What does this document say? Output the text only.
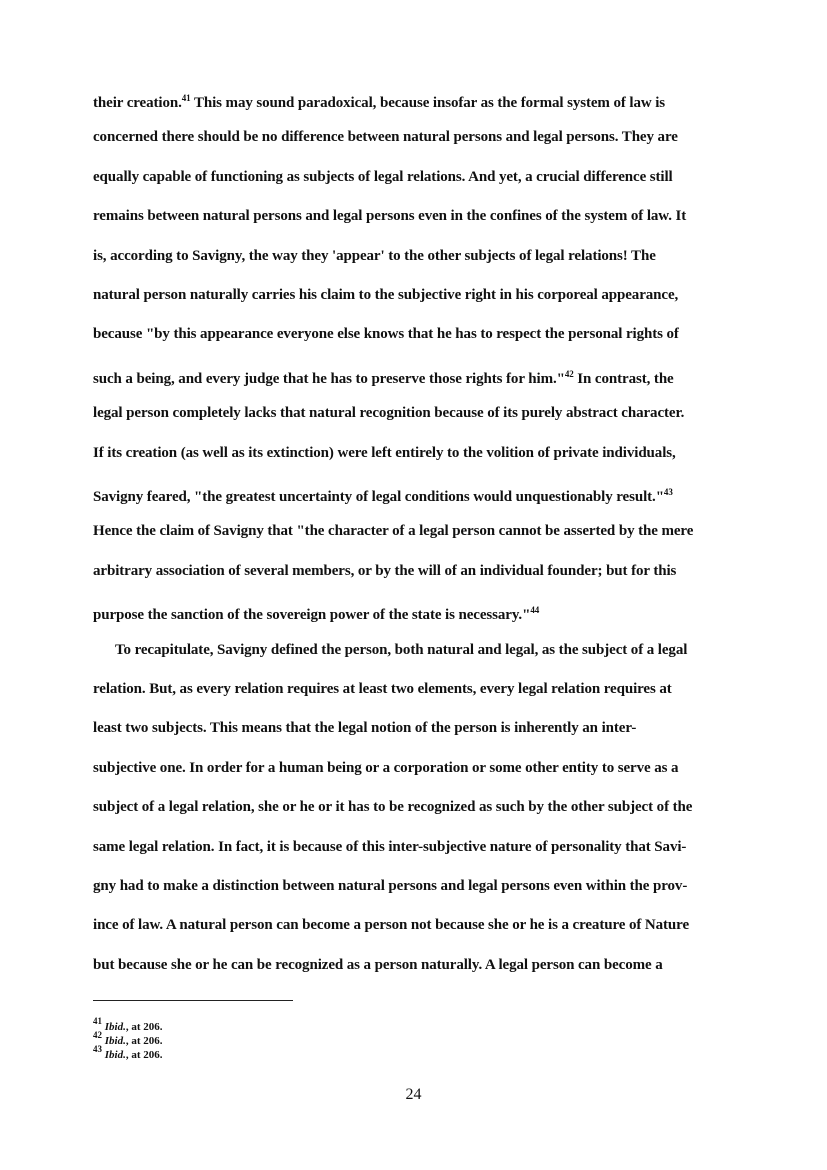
their creation.$^{41}$ This may sound paradoxical, because insofar as the formal system of law is
concerned there should be no difference between natural persons and legal persons. They are
equally capable of functioning as subjects of legal relations. And yet, a crucial difference still
remains between natural persons and legal persons even in the confines of the system of law. It
is, according to Savigny, the way they 'appear' to the other subjects of legal relations! The
natural person naturally carries his claim to the subjective right in his corporeal appearance,
because "by this appearance everyone else knows that he has to respect the personal rights of
such a being, and every judge that he has to preserve those rights for him."$^{42}$ In contrast, the
legal person completely lacks that natural recognition because of its purely abstract character.
If its creation (as well as its extinction) were left entirely to the volition of private individuals,
Savigny feared, "the greatest uncertainty of legal conditions would unquestionably result."$^{43}$
Hence the claim of Savigny that "the character of a legal person cannot be asserted by the mere
arbitrary association of several members, or by the will of an individual founder; but for this
purpose the sanction of the sovereign power of the state is necessary."$^{44}$
To recapitulate, Savigny defined the person, both natural and legal, as the subject of a legal
relation. But, as every relation requires at least two elements, every legal relation requires at
least two subjects. This means that the legal notion of the person is inherently an inter-
subjective one. In order for a human being or a corporation or some other entity to serve as a
subject of a legal relation, she or he or it has to be recognized as such by the other subject of the
same legal relation. In fact, it is because of this inter-subjective nature of personality that Savi-
gny had to make a distinction between natural persons and legal persons even within the prov-
ince of law. A natural person can become a person not because she or he is a creature of Nature
but because she or he can be recognized as a person naturally. A legal person can become a
$^{41}$ Ibid., at 206.
$^{42}$ Ibid., at 206.
$^{43}$ Ibid., at 206.
24
